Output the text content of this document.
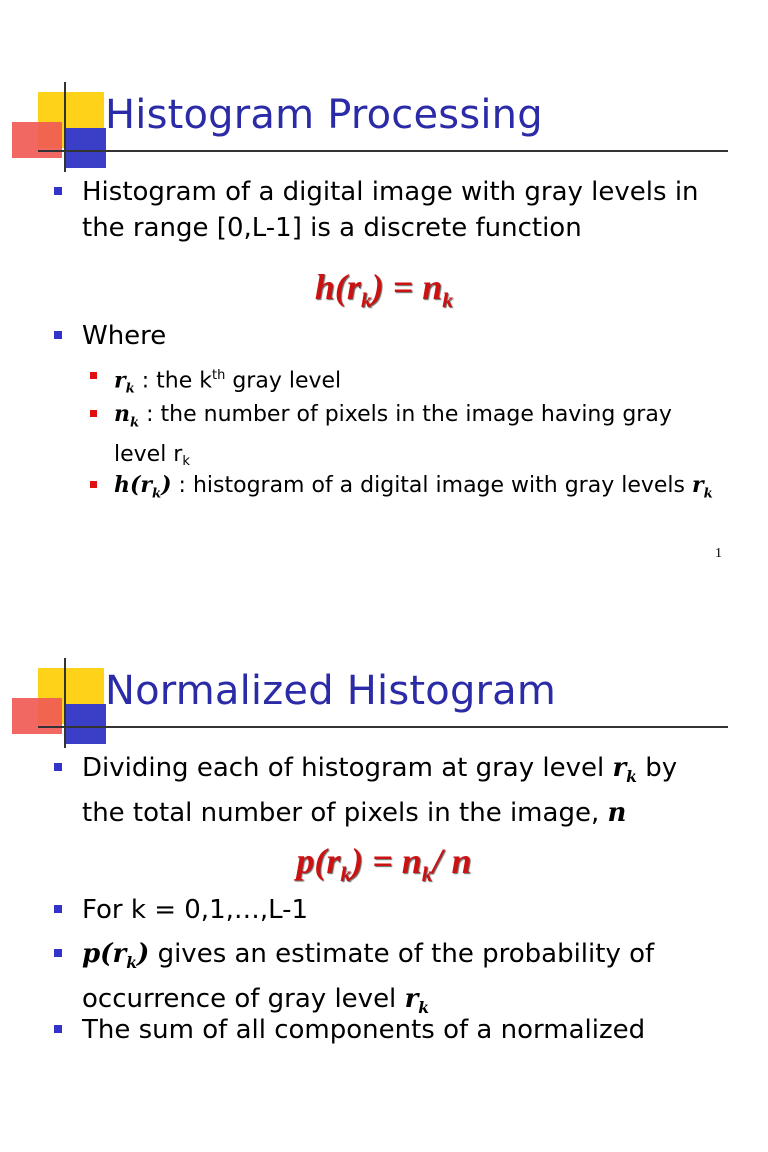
Histogram Processing
Histogram of a digital image with gray levels in
the range [0,L-1] is a discrete function
$h(r_k) = n_k$
Where
$r_k$ : the $k^{th}$ gray level
$n_k$ : the number of pixels in the image having gray
level rk
$h(r_k)$ : histogram of a digital image with gray levels $r_k$
1
Normalized Histogram
Dividing each of histogram at gray level $r_k$ by
the total number of pixels in the image, n
$p(r_k) = n_k/$ n
For k = 0,1,…,L-1
$p(r_k)$ gives an estimate of the probability of
occurrence of gray level $r_k$
The sum of all components of a normalized
